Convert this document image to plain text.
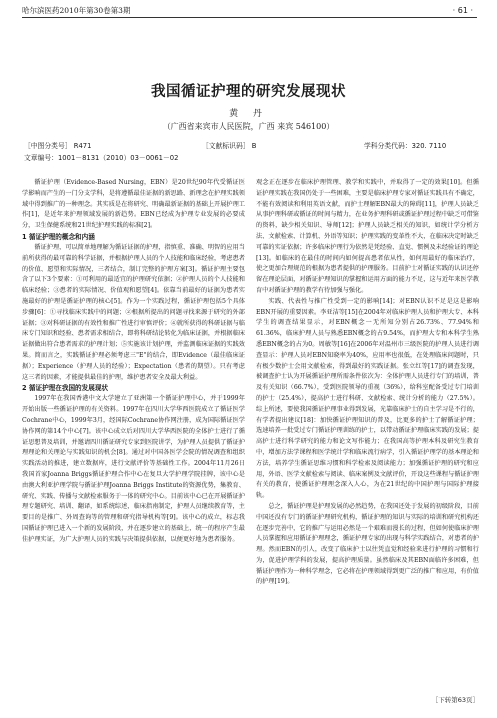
哈尔滨医药2010年第30卷第3期	· 61 ·
我国循证护理的研究发展现状
黄 丹
（广西省来宾市人民医院，广西 来宾 546100）
［中图分类号］ R471	［文献标识码］ B	学科分类代码：320. 7110
文章编号：1001－8131（2010）03－0061－02

循证护理（Evidence-Based Nursing，EBN）是20世纪90年代受循证医学影响而产生的一门分支学科，是将遵循最佳证据的新思路、新理念在护理实践领域中得到推广的一种理念。其实质是在将研究、明确最新证据的基础上开展护理工作[1]，是近年来护理领域发展的新趋势。EBN已经成为护理专业发展的必要成分，卫生保健系统和21世纪护理实践的标准[2]。

1 循证护理的概念和内涵

循证护理，可以简单地理解为循证证据的护理，指慎重、准确、明智的应用当前所获得的最可靠的科学证据，并根据护理人员的个人技能和临床经验，考虑患者的价值、愿望和实际情况，三者结合，制订完整的护理方案[3]。循证护理主要包含了以下3个要素：①可利用的最适宜的护理研究依据；②护理人员的个人技能和临床经验；③患者的实际情况、价值观和愿望[4]。依靠当前最好的证据为患者实施最好的护理是循证护理的核心[5]。作为一个实践过程，循证护理包括5个具体步骤[6]：①寻找临床实践中的问题；②根据所提出的问题寻找来源于研究的外部证据；③对科研证据的有效性和推广性进行审慎评价；④就所获得的科研证据与临床专门知识和经验、患者需求相结合，即将科研结论转化为临床证据，并根据临床证据做出符合患者需求的护理计划；⑤实施该计划护理，并监测临床证据的实践效果。简而言之，实践循证护理必须考虑三"E"的结合，即Evidence（最佳临床证据）；Experience（护理人员的经验）；Expectation（患者的期望）。只有考虑这三者的因素，才能提供最佳的护理，维护患者安全及最大利益。

2 循证护理在我国的发展现状

1997年在我国香港中文大学建立了亚洲第一个循证护理中心，并于1999年开始出版一些循证护理的有关资料。1997年在四川大学华西医院成立了循证医学Cochrane中心，1999年3月，经国际Cochrane协作网注册，成为国际循证医学协作网的第14个中心[7]。该中心成立后对四川大学华西医院的全体护士进行了循证思想普及培训，并邀请四川循证研究专家到医院讲学，为护理人员提供了循证护理理论和关理论与实践知识的机会[8]。通过对中国各医学会院的情况调查和组织实践活动的推进，建立数据库，进行文献评价等基础性工作。2004年11月26日我国首家Joanna Briggs循证护理合作中心在复旦大学护理学院挂牌，该中心是由澳大利亚护理学院与循证护理Joanna Briggs Institute的资源优势，集教育、研究、实践、传播与文献检索服务于一体的研究中心。目前该中心已在开展循证护理专题研究、培训、翻译，如系统综述，临床指南制定，护理人员继续教育等，主要目的是推广、外周查询等的管理和研究指导机构等[9]。该中心的成立，标志我国循证护理已进入一个新的发展阶段，并在逐步建立的基础上，统一的程序产生最佳护理实证，为广大护理人员的实践与决策提供依据，以便更好地为患者服务。

观念正在逐步在临床护理管理、教学和实践中，并取得了一定的效果[10]。但循证护理实践在我国仍处于一些困难，主要是临床护理专家对循证实践具有不确定，不能有效阅读和利用英语文献，而护士理解EBN最大的障碍[11]，护理人员缺乏从事护理科研或循证的时间与精力，在业务护理科研或循证护理过程中缺乏可借鉴的资料，缺少相关知识、导师[12]；护理人员缺乏相关的知识，如统计学分析方法、文献检索、计算机、外语等知识；护理实践的变革性不大，在临床决定时缺乏可靠的实证依据；许多临床护理行为依然是凭经验、直觉、惯例及未经验证的理论[13]。如临床的在最佳的时间内如何提高患者依从性，如何用最好的临床治疗，使之更加合理规范的根据为患者提供的护理服务。目前护士对循证实践的认识还停留在理论层面，对循证护理知识的掌握和运用方面的能力不足，这与近年来医学教育中对循证护理的教学有待加强与强化。

实践、代表性与推广性受到一定的影响[14]；对EBN认识不足是这是影响EBN开展的重要因素。李亚洁等[15]在2004年对临床护理人员和护理大专、本科学生的调查结果显示，对EBN概念一无所知分别占26.73%、77.94%和61.36%，临床护理人员与熟悉EBN概念的占9.54%，而护理大专和本科学生熟悉EBN概念的占为0。周敏等[16]在2006年对温州市三级医院的护理人员进行调查显示：护理人员对EBN知晓率为40%，应用率也很低，在处理临床问题时，只有极少数护士会用文献检索，得到最好的实践证据。张立红等[17]的调查发现，被调查护士认为开展循证护理所需条件依次为：全体护理人员进行专门的培训，普及有关知识（66.7%），受到医院领导的重视（36%），给科室配备受过专门培训的护士（25.4%），提高护士进行科研、文献检索、统计分析的能力（27.5%）。综上所述，要使我国循证护理事业得到发展，光靠临床护士的自主学习是不行的，有学者提出建议[18]：加快循证护理知识的普及，比更多的护士了解循证护理；选速培养一批受过专门循证护理训练的护士，以带动循证护理临床实践的发展；提高护士进行科学研究的能力和论文写作能力；在我国高等护理本科及研究生教育中，增加方法学课程和医学统计学和临床流行病学，引入循证护理学的基本理论和方法，培养学生循证思维习惯和科学检索及阅读能力；加强循证护理的研究和应用，外语、医学文献检索与阅读、临床案例及文献评价，开设这些课程与循证护理有关的教育，使循证护理理念深入人心，为在21世纪的中国护理与国际护理接轨。

总之，循证护理是护理发展的必然趋势，在我国还处于发展的初级阶段，目前中国还没有专门的循证护理研究机构，循证护理的知识与实际的培训和研究机构还在逐步完善中，它的推广与运用必然是一个艰难而漫长的过程，但如何使临床护理人员掌握和应用循证护理理念，循证护理专家的出现与科学实践结合，对患者的护理。然而EBN的引人，改变了临床护士以往凭直觉和经验来进行护理的习惯和行为，促进护理学科的发展，提高护理质量。虽然临床及其EBN面临许多困难，但循证护理作为一种科学理念，它必将在护理领域得到更广泛的推广和应用，有价值的护理[19]。

［下转第63页］
